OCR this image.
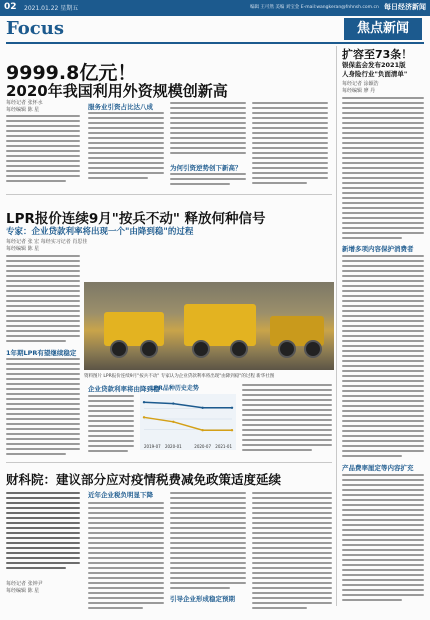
02 2021.01.22 星期五	编辑 王可然 美编 刘宝金 E-mail:wangkeran@fnhnsh.com.cn 每日经济新闻
Focus	焦点新闻
9999.8亿元！
2020年我国利用外资规模创新高
每经记者 张怀水
每经编辑 陈 星	服务业引资占比达八成
为何引资逆势创下新高？
扩容至73条！
银保监会发布2021版
人身险行业"负面清单"
每经记者 涂颖浩
每经编辑 廖 丹
新增多项内容保护消费者
产品费率厘定等内容扩充
LPR报价连续9月"按兵不动" 释放何种信号
专家：企业贷款利率将出现一个"由降到稳"的过程
每经记者 张 宏 每经实习记者 肖思佳
每经编辑 陈 星
资料图片 LPR报价连续9月"按兵不动" 专家认为企业贷款利率将出现"由降到稳"的过程 新华社图
1年期LPR有望继续稳定
企业贷款利率将由降到稳
LPR品种历史走势
2019-07 2020-01	2020-07 2021-01
财科院：建议部分应对疫情税费减免政策适度延续
每经记者 张钟尹
每经编辑 陈 星
近年企业税负明显下降
引导企业形成稳定预期
